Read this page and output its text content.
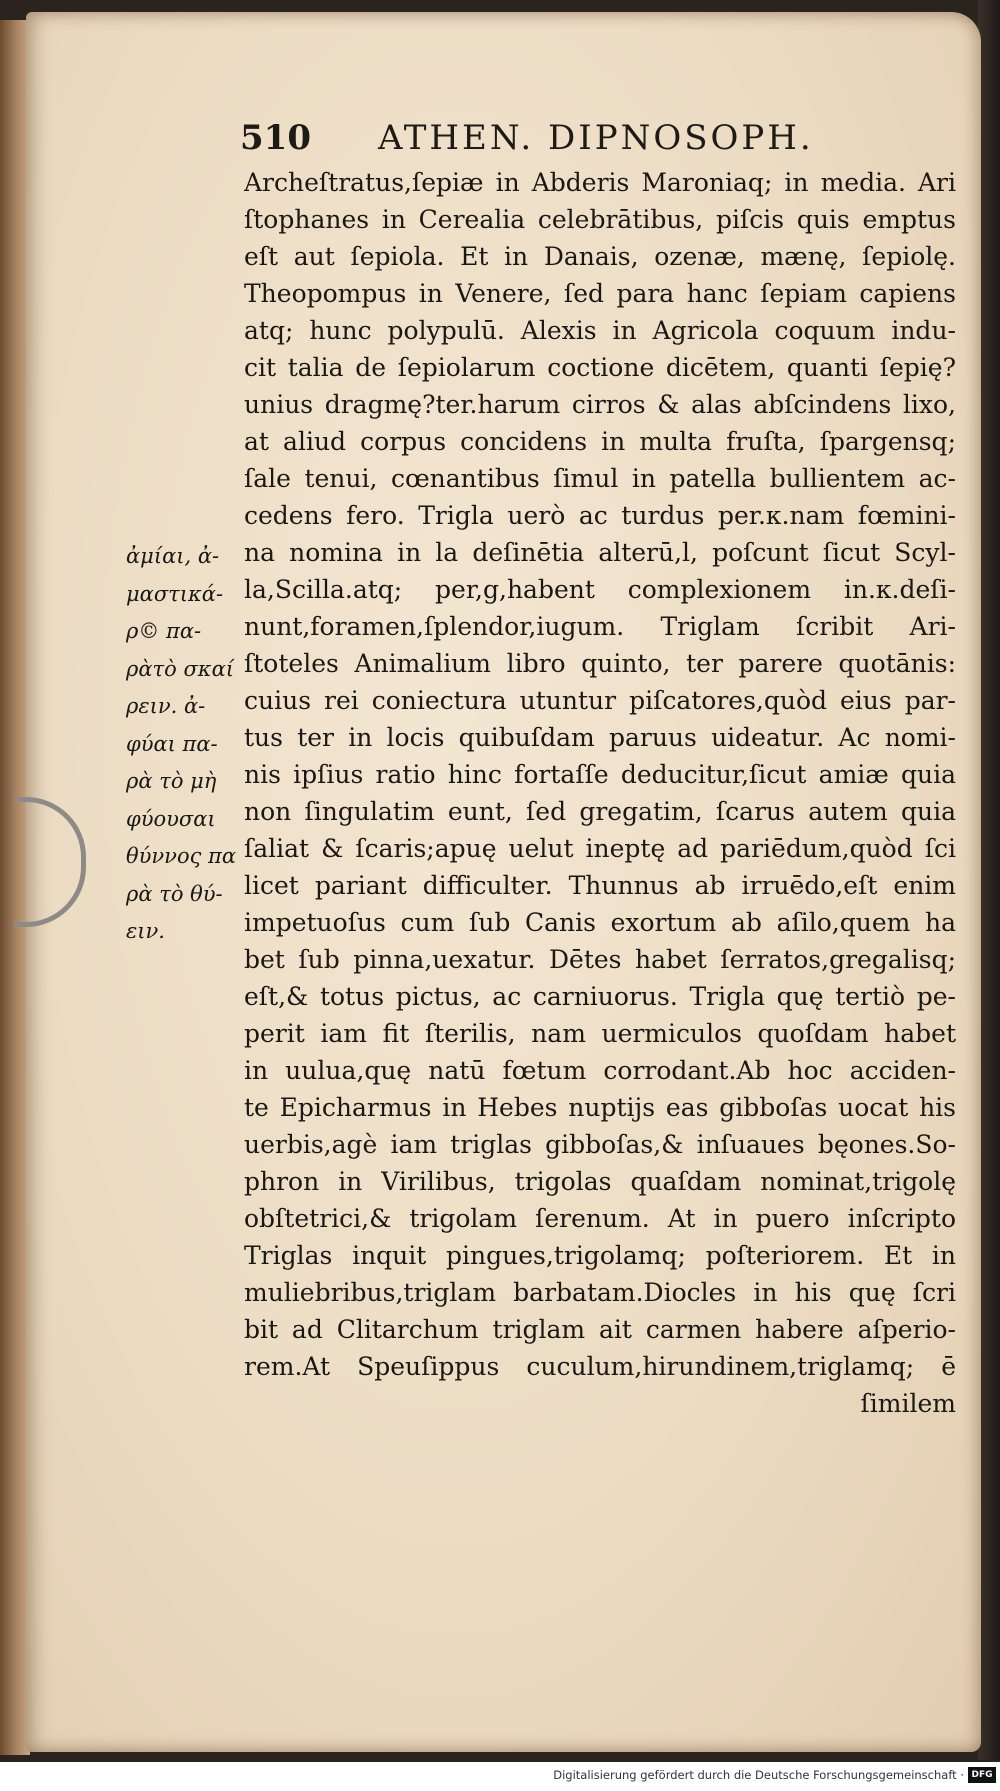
510 ATHEN. DIPNOSOPH.
ἀμίαι, ἀ-
μαστικά-
ρ© πα-
ρὰτὸ σκαί
ρειν. ἀ-
φύαι πα-
ρὰ τὸ μὴ
φύουσαι
θύννος πα
ρὰ τὸ θύ-
ειν.
Archeſtratus,ſepiæ in Abderis Maroniaq; in media. Ari
ſtophanes in Cerealia celebrātibus, piſcis quis emptus
eſt aut ſepiola. Et in Danais, ozenæ, mænę, ſepiolę.
Theopompus in Venere, ſed para hanc ſepiam capiens
atq; hunc polypulū. Alexis in Agricola coquum indu-
cit talia de ſepiolarum coctione dicētem, quanti ſepię?
unius dragmę?ter.harum cirros & alas abſcindens lixo,
at aliud corpus concidens in multa fruſta, ſpargensq;
ſale tenui, cœnantibus ſimul in patella bullientem ac-
cedens fero. Trigla uerò ac turdus per.κ.nam fœmini-
na nomina in la deſinētia alterū,l, poſcunt ſicut Scyl-
la,Scilla.atq; per,g,habent complexionem in.κ.deſi-
nunt,foramen,ſplendor,iugum. Triglam ſcribit Ari-
ſtoteles Animalium libro quinto, ter parere quotānis:
cuius rei coniectura utuntur piſcatores,quòd eius par-
tus ter in locis quibuſdam paruus uideatur. Ac nomi-
nis ipſius ratio hinc fortaſſe deducitur,ſicut amiæ quia
non ſingulatim eunt, ſed gregatim, ſcarus autem quia
ſaliat & ſcaris;apuę uelut ineptę ad pariēdum,quòd ſci
licet pariant difficulter. Thunnus ab irruēdo,eſt enim
impetuoſus cum ſub Canis exortum ab aſilo,quem ha
bet ſub pinna,uexatur. Dētes habet ſerratos,gregalisq;
eſt,& totus pictus, ac carniuorus. Trigla quę tertiò pe-
perit iam fit ſterilis, nam uermiculos quoſdam habet
in uulua,quę natū fœtum corrodant.Ab hoc acciden-
te Epicharmus in Hebes nuptijs eas gibboſas uocat his
uerbis,agè iam triglas gibboſas,& inſuaues bęones.So-
phron in Virilibus, trigolas quaſdam nominat,trigolę
obſtetrici,& trigolam ſerenum. At in puero inſcripto
Triglas inquit pingues,trigolamq; poſteriorem. Et in
muliebribus,triglam barbatam.Diocles in his quę ſcri
bit ad Clitarchum triglam ait carmen habere aſperio-
rem.At Speuſippus cuculum,hirundinem,triglamq; ē
ſimilem
Digitalisierung gefördert durch die Deutsche Forschungsgemeinschaft · DFG
